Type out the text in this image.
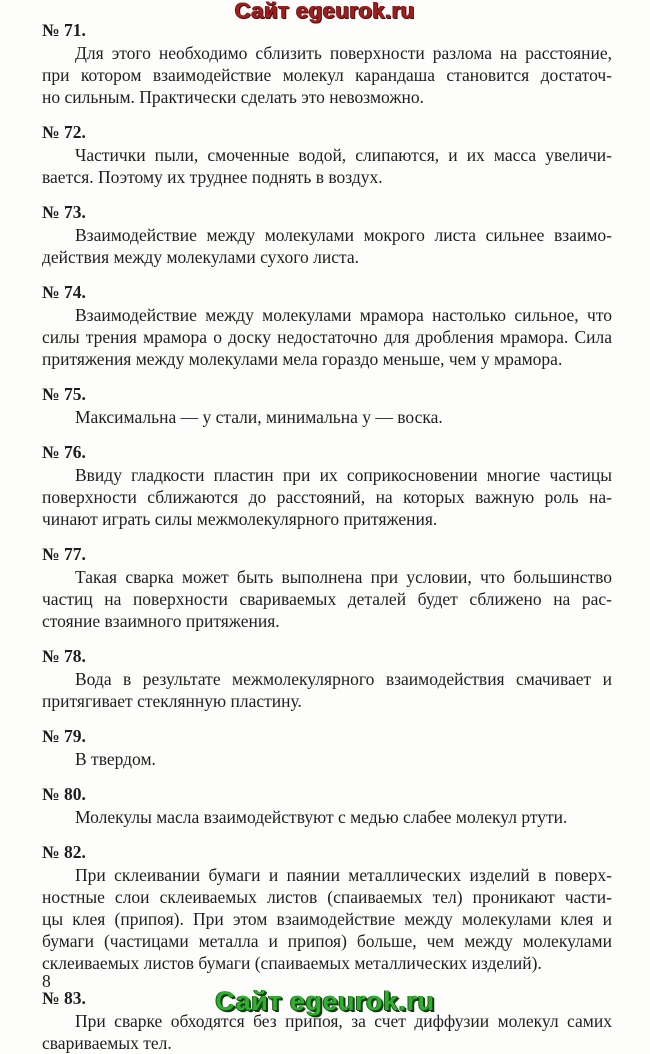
Сайт egeurok.ru
№ 71.
Для этого необходимо сблизить поверхности разлома на расстояние,
при котором взаимодействие молекул карандаша становится достаточ-
но сильным. Практически сделать это невозможно.
№ 72.
Частички пыли, смоченные водой, слипаются, и их масса увеличи-
вается. Поэтому их труднее поднять в воздух.
№ 73.
Взаимодействие между молекулами мокрого листа сильнее взаимо-
действия между молекулами сухого листа.
№ 74.
Взаимодействие между молекулами мрамора настолько сильное, что
силы трения мрамора о доску недостаточно для дробления мрамора. Сила
притяжения между молекулами мела гораздо меньше, чем у мрамора.
№ 75.
Максимальна — у стали, минимальна у — воска.
№ 76.
Ввиду гладкости пластин при их соприкосновении многие частицы
поверхности сближаются до расстояний, на которых важную роль на-
чинают играть силы межмолекулярного притяжения.
№ 77.
Такая сварка может быть выполнена при условии, что большинство
частиц на поверхности свариваемых деталей будет сближено на рас-
стояние взаимного притяжения.
№ 78.
Вода в результате межмолекулярного взаимодействия смачивает и
притягивает стеклянную пластину.
№ 79.
В твердом.
№ 80.
Молекулы масла взаимодействуют с медью слабее молекул ртути.
№ 82.
При склеивании бумаги и паянии металлических изделий в поверх-
ностные слои склеиваемых листов (спаиваемых тел) проникают части-
цы клея (припоя). При этом взаимодействие между молекулами клея и
бумаги (частицами металла и припоя) больше, чем между молекулами
склеиваемых листов бумаги (спаиваемых металлических изделий).
№ 83.
При сварке обходятся без припоя, за счет диффузии молекул самих
свариваемых тел.
8
Сайт egeurok.ru
